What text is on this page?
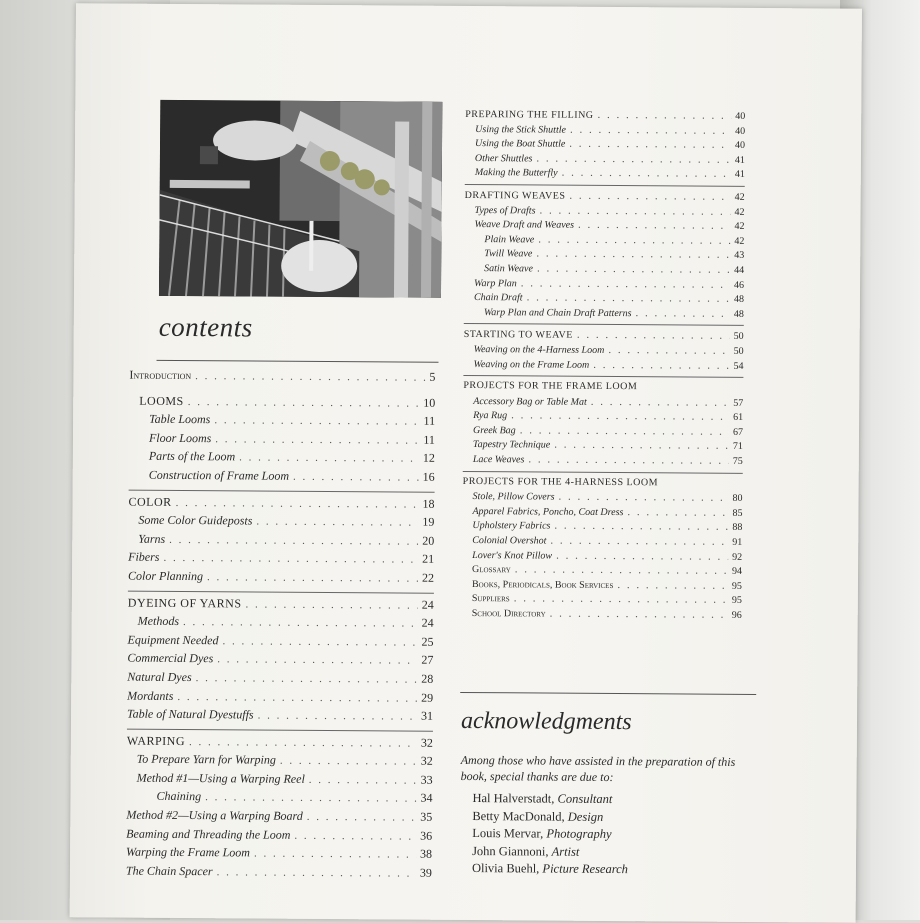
contents
Introduction . . .	5
LOOMS . . .	10
Table Looms . . .	11
Floor Looms . . .	11
Parts of the Loom . . .	12
Construction of Frame Loom . . .	16
COLOR . . .	18
Some Color Guideposts . . .	19
Yarns . . .	20
Fibers . . .	21
Color Planning . . .	22
DYEING OF YARNS . . .	24
Methods . . .	24
Equipment Needed . . .	25
Commercial Dyes . . .	27
Natural Dyes . . .	28
Mordants . . .	29
Table of Natural Dyestuffs . . .	31
WARPING . . .	32
To Prepare Yarn for Warping . . .	32
Method #1—Using a Warping Reel . . .	33
Chaining . . .	34
Method #2—Using a Warping Board . . .	35
Beaming and Threading the Loom . . .	36
Warping the Frame Loom . . .	38
The Chain Spacer . . .	39
PREPARING THE FILLING . . .	40
Using the Stick Shuttle . . .	40
Using the Boat Shuttle . . .	40
Other Shuttles . . .	41
Making the Butterfly . . .	41
DRAFTING WEAVES . . .	42
Types of Drafts . . .	42
Weave Draft and Weaves . . .	42
Plain Weave . . .	42
Twill Weave . . .	43
Satin Weave . . .	44
Warp Plan . . .	46
Chain Draft . . .	48
Warp Plan and Chain Draft Patterns . . .	48
STARTING TO WEAVE . . .	50
Weaving on the 4-Harness Loom . . .	50
Weaving on the Frame Loom . . .	54
PROJECTS FOR THE FRAME LOOM
Accessory Bag or Table Mat . . .	57
Rya Rug . . .	61
Greek Bag . . .	67
Tapestry Technique . . .	71
Lace Weaves . . .	75
PROJECTS FOR THE 4-HARNESS LOOM
Stole, Pillow Covers . . .	80
Apparel Fabrics, Poncho, Coat Dress . . .	85
Upholstery Fabrics . . .	88
Colonial Overshot . . .	91
Lover's Knot Pillow . . .	92
Glossary . . .	94
Books, Periodicals, Book Services . . .	95
Suppliers . . .	95
School Directory . . .	96
acknowledgments
Among those who have assisted in the preparation of this book, special thanks are due to:
Hal Halverstadt, Consultant
Betty MacDonald, Design
Louis Mervar, Photography
John Giannoni, Artist
Olivia Buehl, Picture Research
